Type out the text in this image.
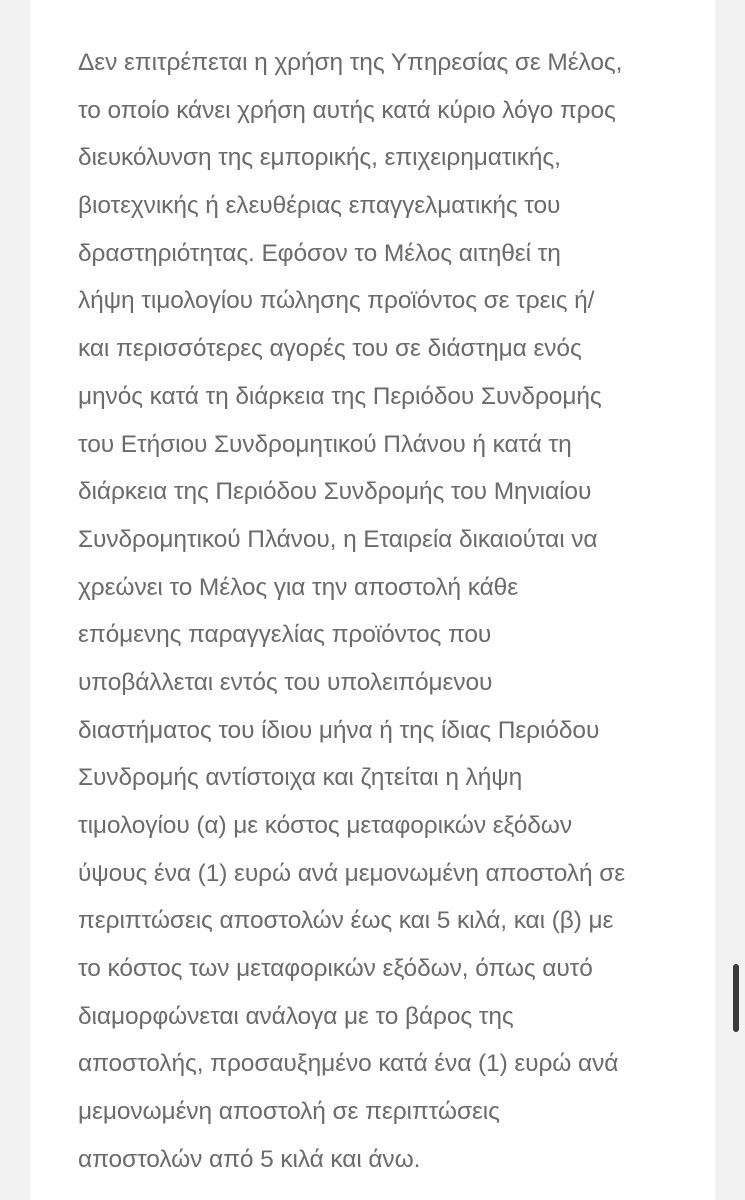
Δεν επιτρέπεται η χρήση της Υπηρεσίας σε Μέλος,
το οποίο κάνει χρήση αυτής κατά κύριο λόγο προς
διευκόλυνση της εμπορικής, επιχειρηματικής,
βιοτεχνικής ή ελευθέριας επαγγελματικής του
δραστηριότητας. Εφόσον το Μέλος αιτηθεί τη
λήψη τιμολογίου πώλησης προϊόντος σε τρεις ή/
και περισσότερες αγορές του σε διάστημα ενός
μηνός κατά τη διάρκεια της Περιόδου Συνδρομής
του Ετήσιου Συνδρομητικού Πλάνου ή κατά τη
διάρκεια της Περιόδου Συνδρομής του Μηνιαίου
Συνδρομητικού Πλάνου, η Εταιρεία δικαιούται να
χρεώνει το Μέλος για την αποστολή κάθε
επόμενης παραγγελίας προϊόντος που
υποβάλλεται εντός του υπολειπόμενου
διαστήματος του ίδιου μήνα ή της ίδιας Περιόδου
Συνδρομής αντίστοιχα και ζητείται η λήψη
τιμολογίου (α) με κόστος μεταφορικών εξόδων
ύψους ένα (1) ευρώ ανά μεμονωμένη αποστολή σε
περιπτώσεις αποστολών έως και 5 κιλά, και (β) με
το κόστος των μεταφορικών εξόδων, όπως αυτό
διαμορφώνεται ανάλογα με το βάρος της
αποστολής, προσαυξημένο κατά ένα (1) ευρώ ανά
μεμονωμένη αποστολή σε περιπτώσεις
αποστολών από 5 κιλά και άνω.
